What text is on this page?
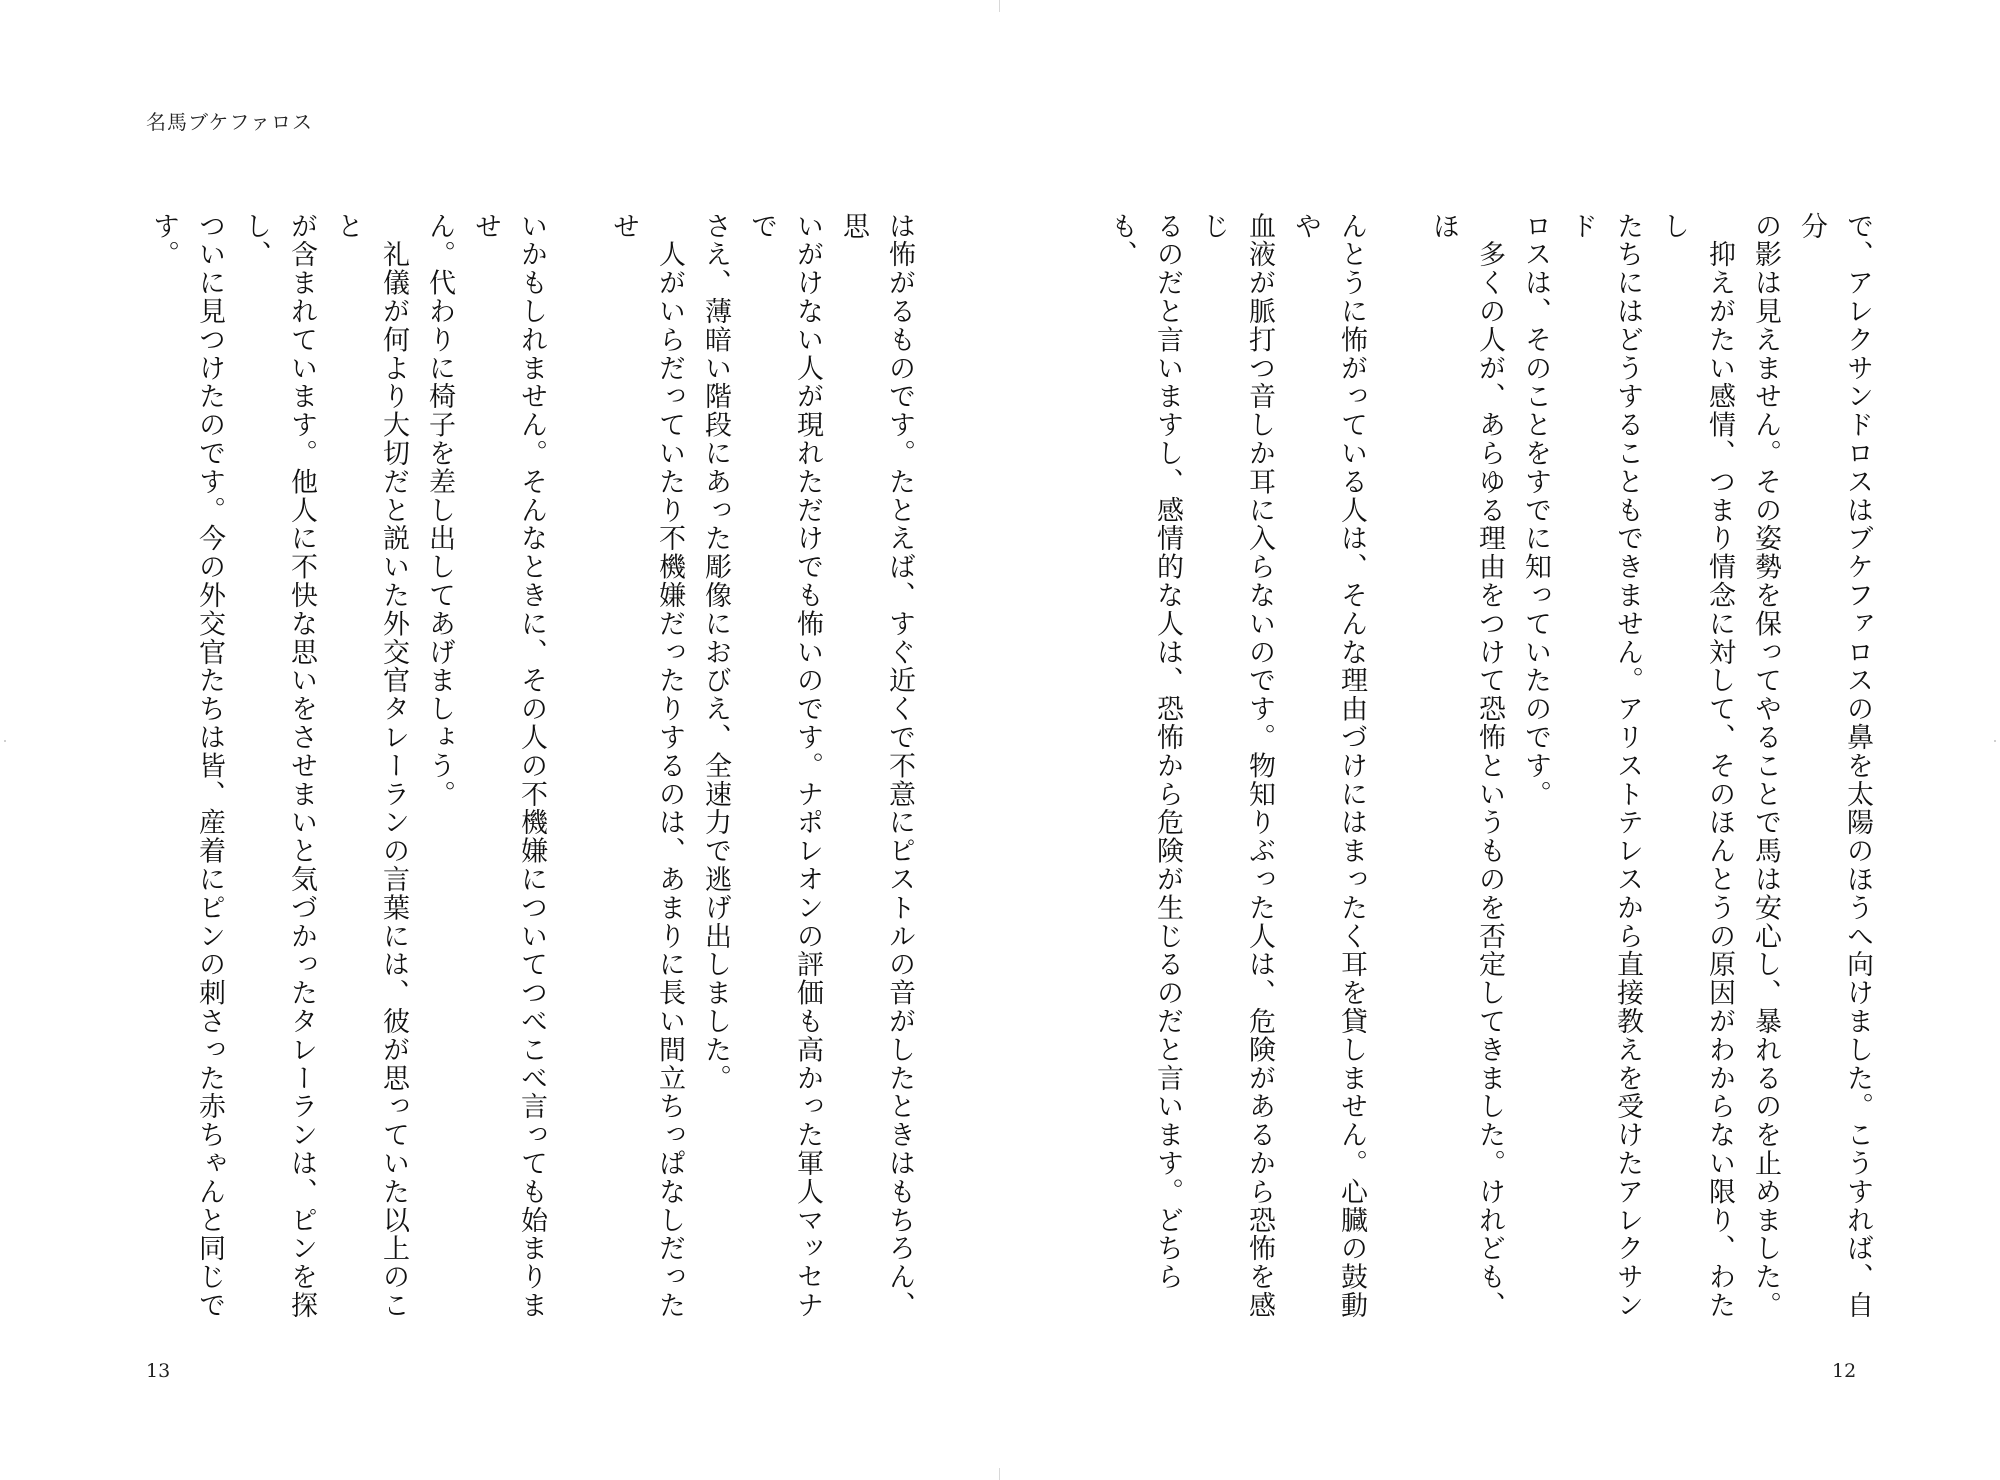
名馬ブケファロス
で、アレクサンドロスはブケファロスの鼻を太陽のほうへ向けました。こうすれば、自分
の影は見えません。その姿勢を保ってやることで馬は安心し、暴れるのを止めました。
　抑えがたい感情、つまり情念に対して、そのほんとうの原因がわからない限り、わたし
たちにはどうすることもできません。アリストテレスから直接教えを受けたアレクサンド
ロスは、そのことをすでに知っていたのです。
　多くの人が、あらゆる理由をつけて恐怖というものを否定してきました。けれども、ほ
んとうに怖がっている人は、そんな理由づけにはまったく耳を貸しません。心臓の鼓動や
血液が脈打つ音しか耳に入らないのです。物知りぶった人は、危険があるから恐怖を感じ
るのだと言いますし、感情的な人は、恐怖から危険が生じるのだと言います。どちらも、
は怖がるものです。たとえば、すぐ近くで不意にピストルの音がしたときはもちろん、思
いがけない人が現れただけでも怖いのです。ナポレオンの評価も高かった軍人マッセナで
さえ、薄暗い階段にあった彫像におびえ、全速力で逃げ出しました。
　人がいらだっていたり不機嫌だったりするのは、あまりに長い間立ちっぱなしだったせ
いかもしれません。そんなときに、その人の不機嫌についてつべこべ言っても始まりませ
ん。代わりに椅子を差し出してあげましょう。
　礼儀が何より大切だと説いた外交官タレーランの言葉には、彼が思っていた以上のこと
が含まれています。他人に不快な思いをさせまいと気づかったタレーランは、ピンを探し、
ついに見つけたのです。今の外交官たちは皆、産着にピンの刺さった赤ちゃんと同じです。
13	12
